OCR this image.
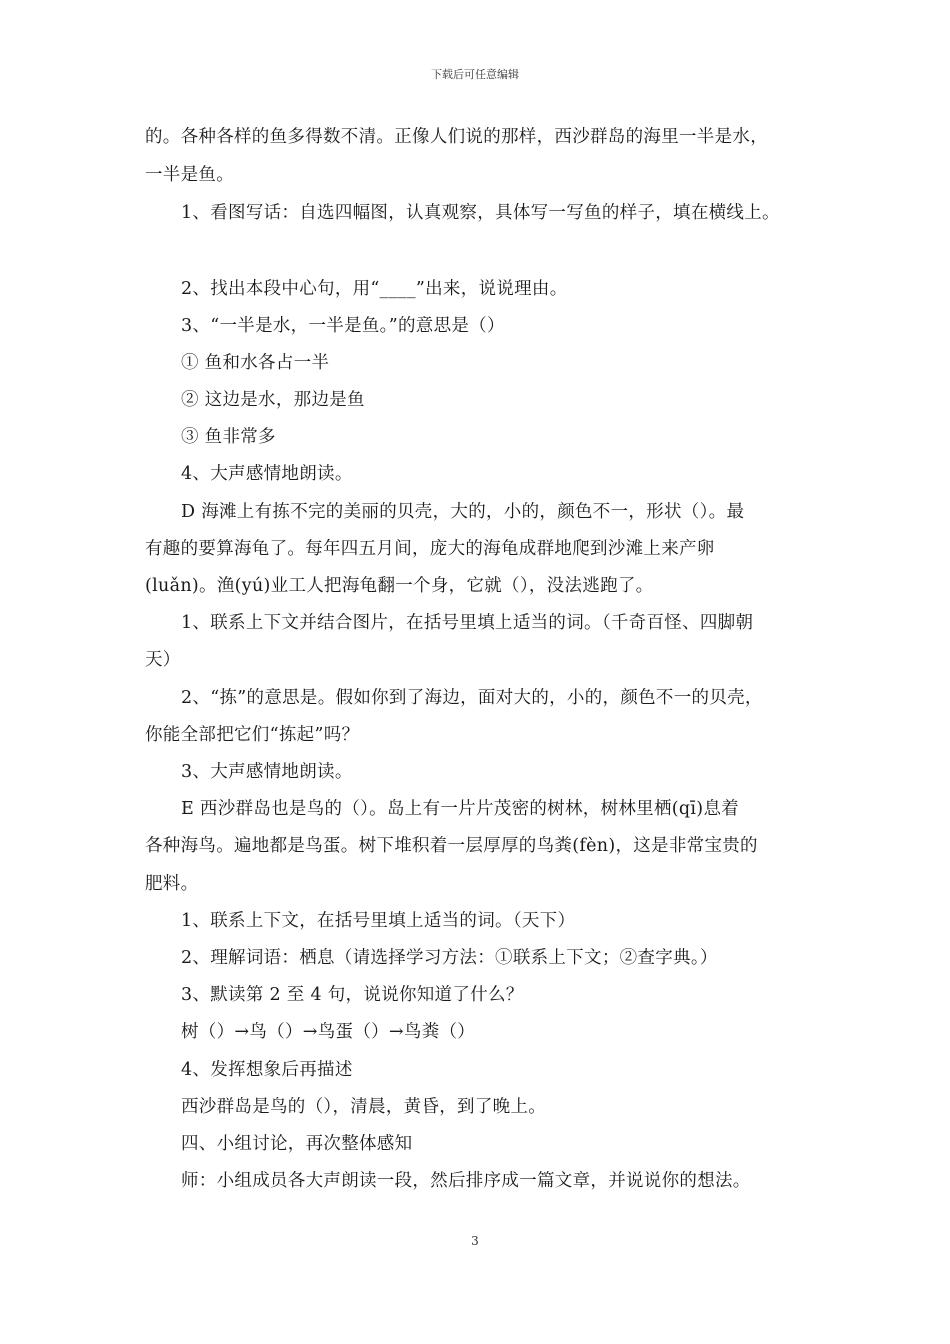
下载后可任意编辑
的。各种各样的鱼多得数不清。正像人们说的那样，西沙群岛的海里一半是水，
一半是鱼。
1、看图写话：自选四幅图，认真观察，具体写一写鱼的样子，填在横线上。
2、找出本段中心句，用“____”出来，说说理由。
3、“一半是水，一半是鱼。”的意思是（）
① 鱼和水各占一半
② 这边是水，那边是鱼
③ 鱼非常多
4、大声感情地朗读。
D 海滩上有拣不完的美丽的贝壳，大的，小的，颜色不一，形状（）。最
有趣的要算海龟了。每年四五月间，庞大的海龟成群地爬到沙滩上来产卵
(luǎn)。渔(yú)业工人把海龟翻一个身，它就（），没法逃跑了。
1、联系上下文并结合图片，在括号里填上适当的词。（千奇百怪、四脚朝
天）
2、“拣”的意思是。假如你到了海边，面对大的，小的，颜色不一的贝壳，
你能全部把它们“拣起”吗？
3、大声感情地朗读。
E 西沙群岛也是鸟的（）。岛上有一片片茂密的树林，树林里栖(qī)息着
各种海鸟。遍地都是鸟蛋。树下堆积着一层厚厚的鸟粪(fèn)，这是非常宝贵的
肥料。
1、联系上下文，在括号里填上适当的词。（天下）
2、理解词语：栖息（请选择学习方法：①联系上下文；②查字典。）
3、默读第 2 至 4 句，说说你知道了什么？
树（）→鸟（）→鸟蛋（）→鸟粪（）
4、发挥想象后再描述
西沙群岛是鸟的（），清晨，黄昏，到了晚上。
四、小组讨论，再次整体感知
师：小组成员各大声朗读一段，然后排序成一篇文章，并说说你的想法。
3
